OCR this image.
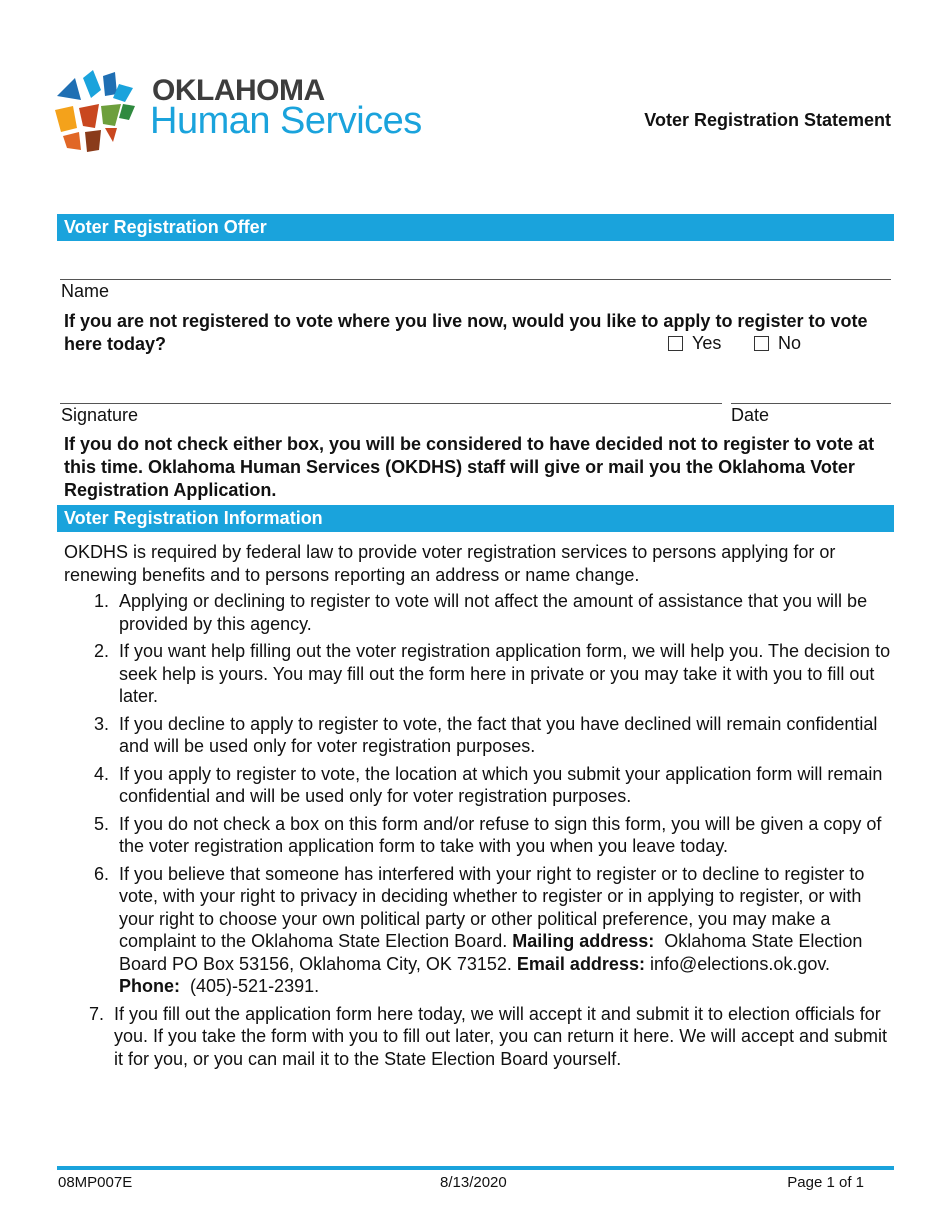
OKLAHOMA
Human Services	Voter Registration Statement
Voter Registration Offer
Name
If you are not registered to vote where you live now, would you like to apply to register to vote here today?	Yes	No
Signature	Date
If you do not check either box, you will be considered to have decided not to register to vote at this time. Oklahoma Human Services (OKDHS) staff will give or mail you the Oklahoma Voter Registration Application.
Voter Registration Information
OKDHS is required by federal law to provide voter registration services to persons applying for or renewing benefits and to persons reporting an address or name change.
1. Applying or declining to register to vote will not affect the amount of assistance that you will be provided by this agency.
2. If you want help filling out the voter registration application form, we will help you. The decision to seek help is yours. You may fill out the form here in private or you may take it with you to fill out later.
3. If you decline to apply to register to vote, the fact that you have declined will remain confidential and will be used only for voter registration purposes.
4. If you apply to register to vote, the location at which you submit your application form will remain confidential and will be used only for voter registration purposes.
5. If you do not check a box on this form and/or refuse to sign this form, you will be given a copy of the voter registration application form to take with you when you leave today.
6. If you believe that someone has interfered with your right to register or to decline to register to vote, with your right to privacy in deciding whether to register or in applying to register, or with your right to choose your own political party or other political preference, you may make a complaint to the Oklahoma State Election Board. Mailing address: Oklahoma State Election Board PO Box 53156, Oklahoma City, OK 73152. Email address: info@elections.ok.gov. Phone: (405)-521-2391.
7. If you fill out the application form here today, we will accept it and submit it to election officials for you. If you take the form with you to fill out later, you can return it here. We will accept and submit it for you, or you can mail it to the State Election Board yourself.
08MP007E	8/13/2020	Page 1 of 1
